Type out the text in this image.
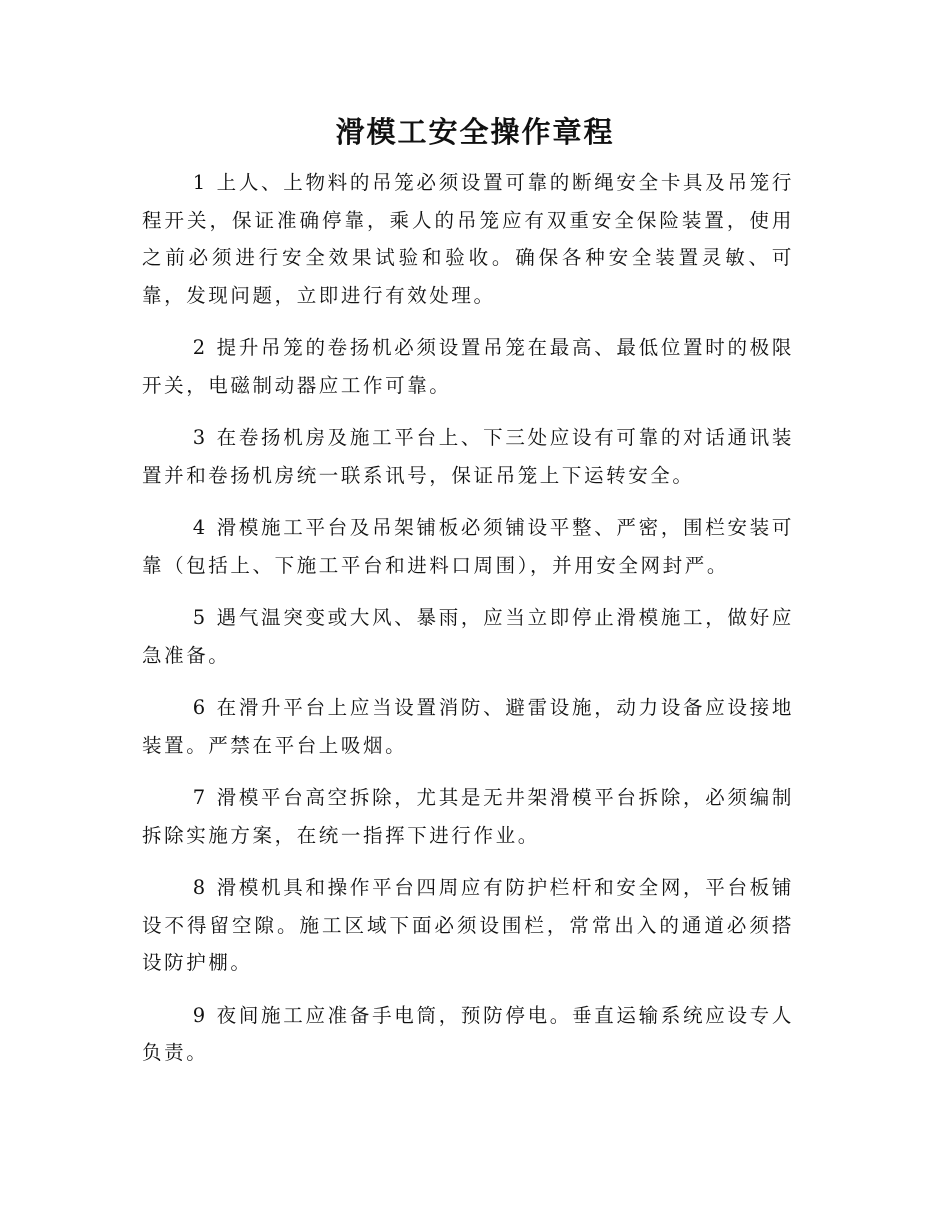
滑模工安全操作章程

1 上人、上物料的吊笼必须设置可靠的断绳安全卡具及吊笼行程开关，保证准确停靠，乘人的吊笼应有双重安全保险装置，使用之前必须进行安全效果试验和验收。确保各种安全装置灵敏、可靠，发现问题，立即进行有效处理。

2 提升吊笼的卷扬机必须设置吊笼在最高、最低位置时的极限开关，电磁制动器应工作可靠。

3 在卷扬机房及施工平台上、下三处应设有可靠的对话通讯装置并和卷扬机房统一联系讯号，保证吊笼上下运转安全。

4 滑模施工平台及吊架铺板必须铺设平整、严密，围栏安装可靠（包括上、下施工平台和进料口周围），并用安全网封严。

5 遇气温突变或大风、暴雨，应当立即停止滑模施工，做好应急准备。

6 在滑升平台上应当设置消防、避雷设施，动力设备应设接地装置。严禁在平台上吸烟。

7 滑模平台高空拆除，尤其是无井架滑模平台拆除，必须编制拆除实施方案，在统一指挥下进行作业。

8 滑模机具和操作平台四周应有防护栏杆和安全网，平台板铺设不得留空隙。施工区域下面必须设围栏，常常出入的通道必须搭设防护棚。

9 夜间施工应准备手电筒，预防停电。垂直运输系统应设专人负责。
